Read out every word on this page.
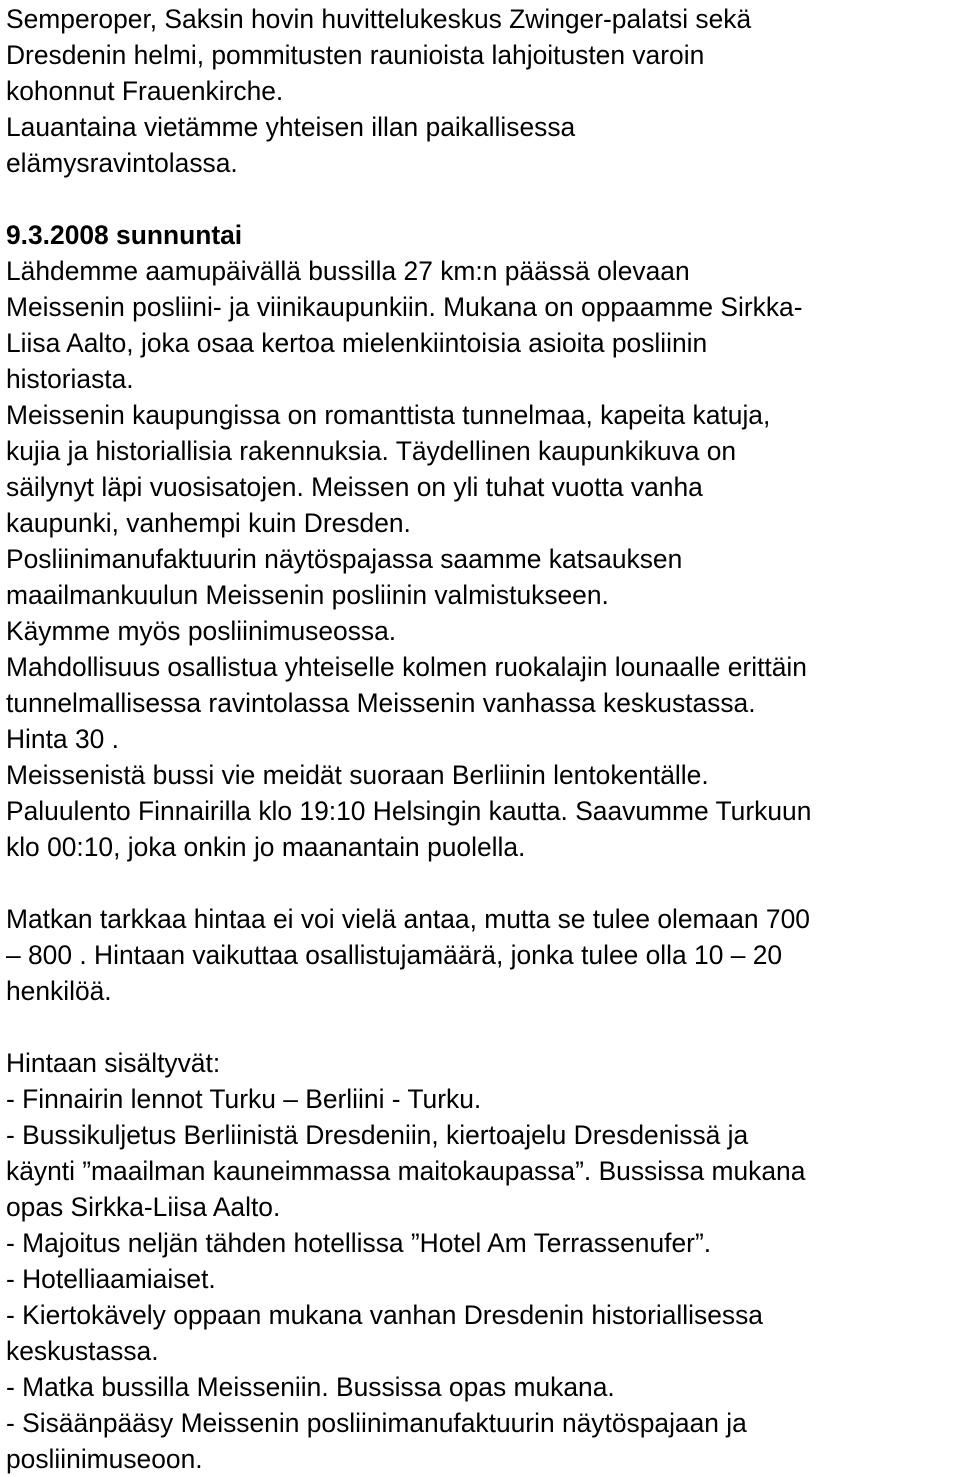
Semperoper, Saksin hovin huvittelukeskus Zwinger-palatsi sekä
Dresdenin helmi, pommitusten raunioista lahjoitusten varoin
kohonnut Frauenkirche.
Lauantaina vietämme yhteisen illan paikallisessa
elämysravintolassa.
9.3.2008 sunnuntai
Lähdemme aamupäivällä bussilla 27 km:n päässä olevaan
Meissenin posliini- ja viinikaupunkiin. Mukana on oppaamme Sirkka-
Liisa Aalto, joka osaa kertoa mielenkiintoisia asioita posliinin
historiasta.
Meissenin kaupungissa on romanttista tunnelmaa, kapeita katuja,
kujia ja historiallisia rakennuksia. Täydellinen kaupunkikuva on
säilynyt läpi vuosisatojen. Meissen on yli tuhat vuotta vanha
kaupunki, vanhempi kuin Dresden.
Posliinimanufaktuurin näytöspajassa saamme katsauksen
maailmankuulun Meissenin posliinin valmistukseen.
Käymme myös posliinimuseossa.
Mahdollisuus osallistua yhteiselle kolmen ruokalajin lounaalle erittäin
tunnelmallisessa ravintolassa Meissenin vanhassa keskustassa.
Hinta 30 .
Meissenistä bussi vie meidät suoraan Berliinin lentokentälle.
Paluulento Finnairilla klo 19:10 Helsingin kautta. Saavumme Turkuun
klo 00:10, joka onkin jo maanantain puolella.
Matkan tarkkaa hintaa ei voi vielä antaa, mutta se tulee olemaan 700
– 800 . Hintaan vaikuttaa osallistujamäärä, jonka tulee olla 10 – 20
henkilöä.
Hintaan sisältyvät:
- Finnairin lennot Turku – Berliini - Turku.
- Bussikuljetus Berliinistä Dresdeniin, kiertoajelu Dresdenissä ja
käynti ”maailman kauneimmassa maitokaupassa”. Bussissa mukana
opas Sirkka-Liisa Aalto.
- Majoitus neljän tähden hotellissa ”Hotel Am Terrassenufer”.
- Hotelliaamiaiset.
- Kiertokävely oppaan mukana vanhan Dresdenin historiallisessa
keskustassa.
- Matka bussilla Meisseniin. Bussissa opas mukana.
- Sisäänpääsy Meissenin posliinimanufaktuurin näytöspajaan ja
posliinimuseoon.
